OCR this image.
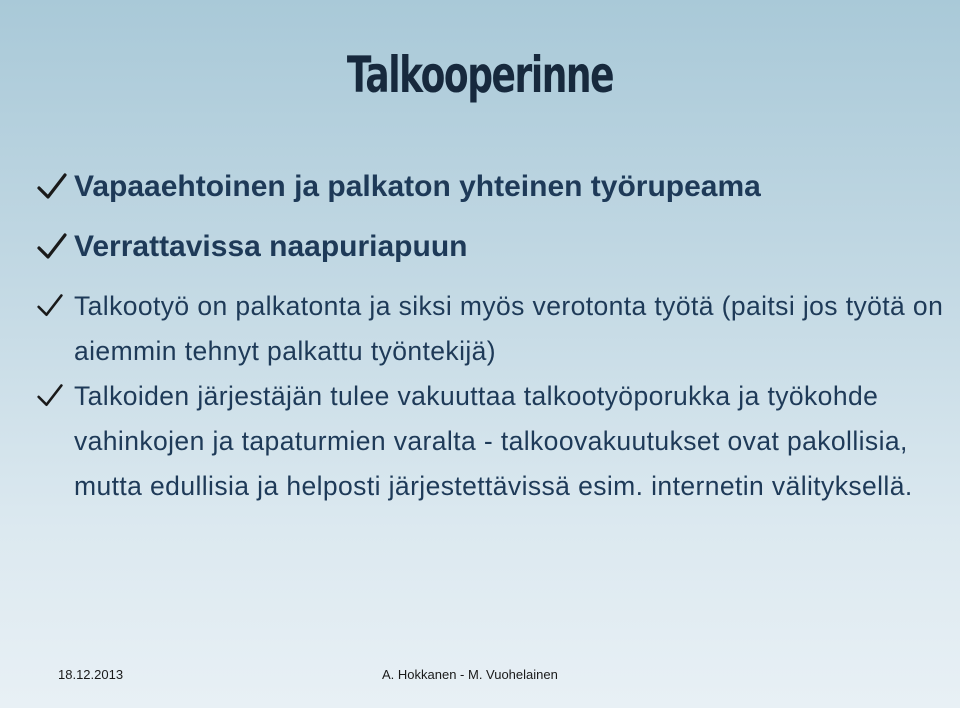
Talkooperinne
Vapaaehtoinen ja palkaton yhteinen työrupeama
Verrattavissa naapuriapuun
Talkootyö on palkatonta ja siksi myös verotonta työtä (paitsi jos työtä on aiemmin tehnyt palkattu työntekijä)
Talkoiden järjestäjän tulee vakuuttaa talkootyöporukka ja työkohde vahinkojen ja tapaturmien varalta - talkoovakuutukset ovat pakollisia, mutta edullisia ja helposti järjestettävissä esim. internetin välityksellä.
18.12.2013	A. Hokkanen - M. Vuohelainen
